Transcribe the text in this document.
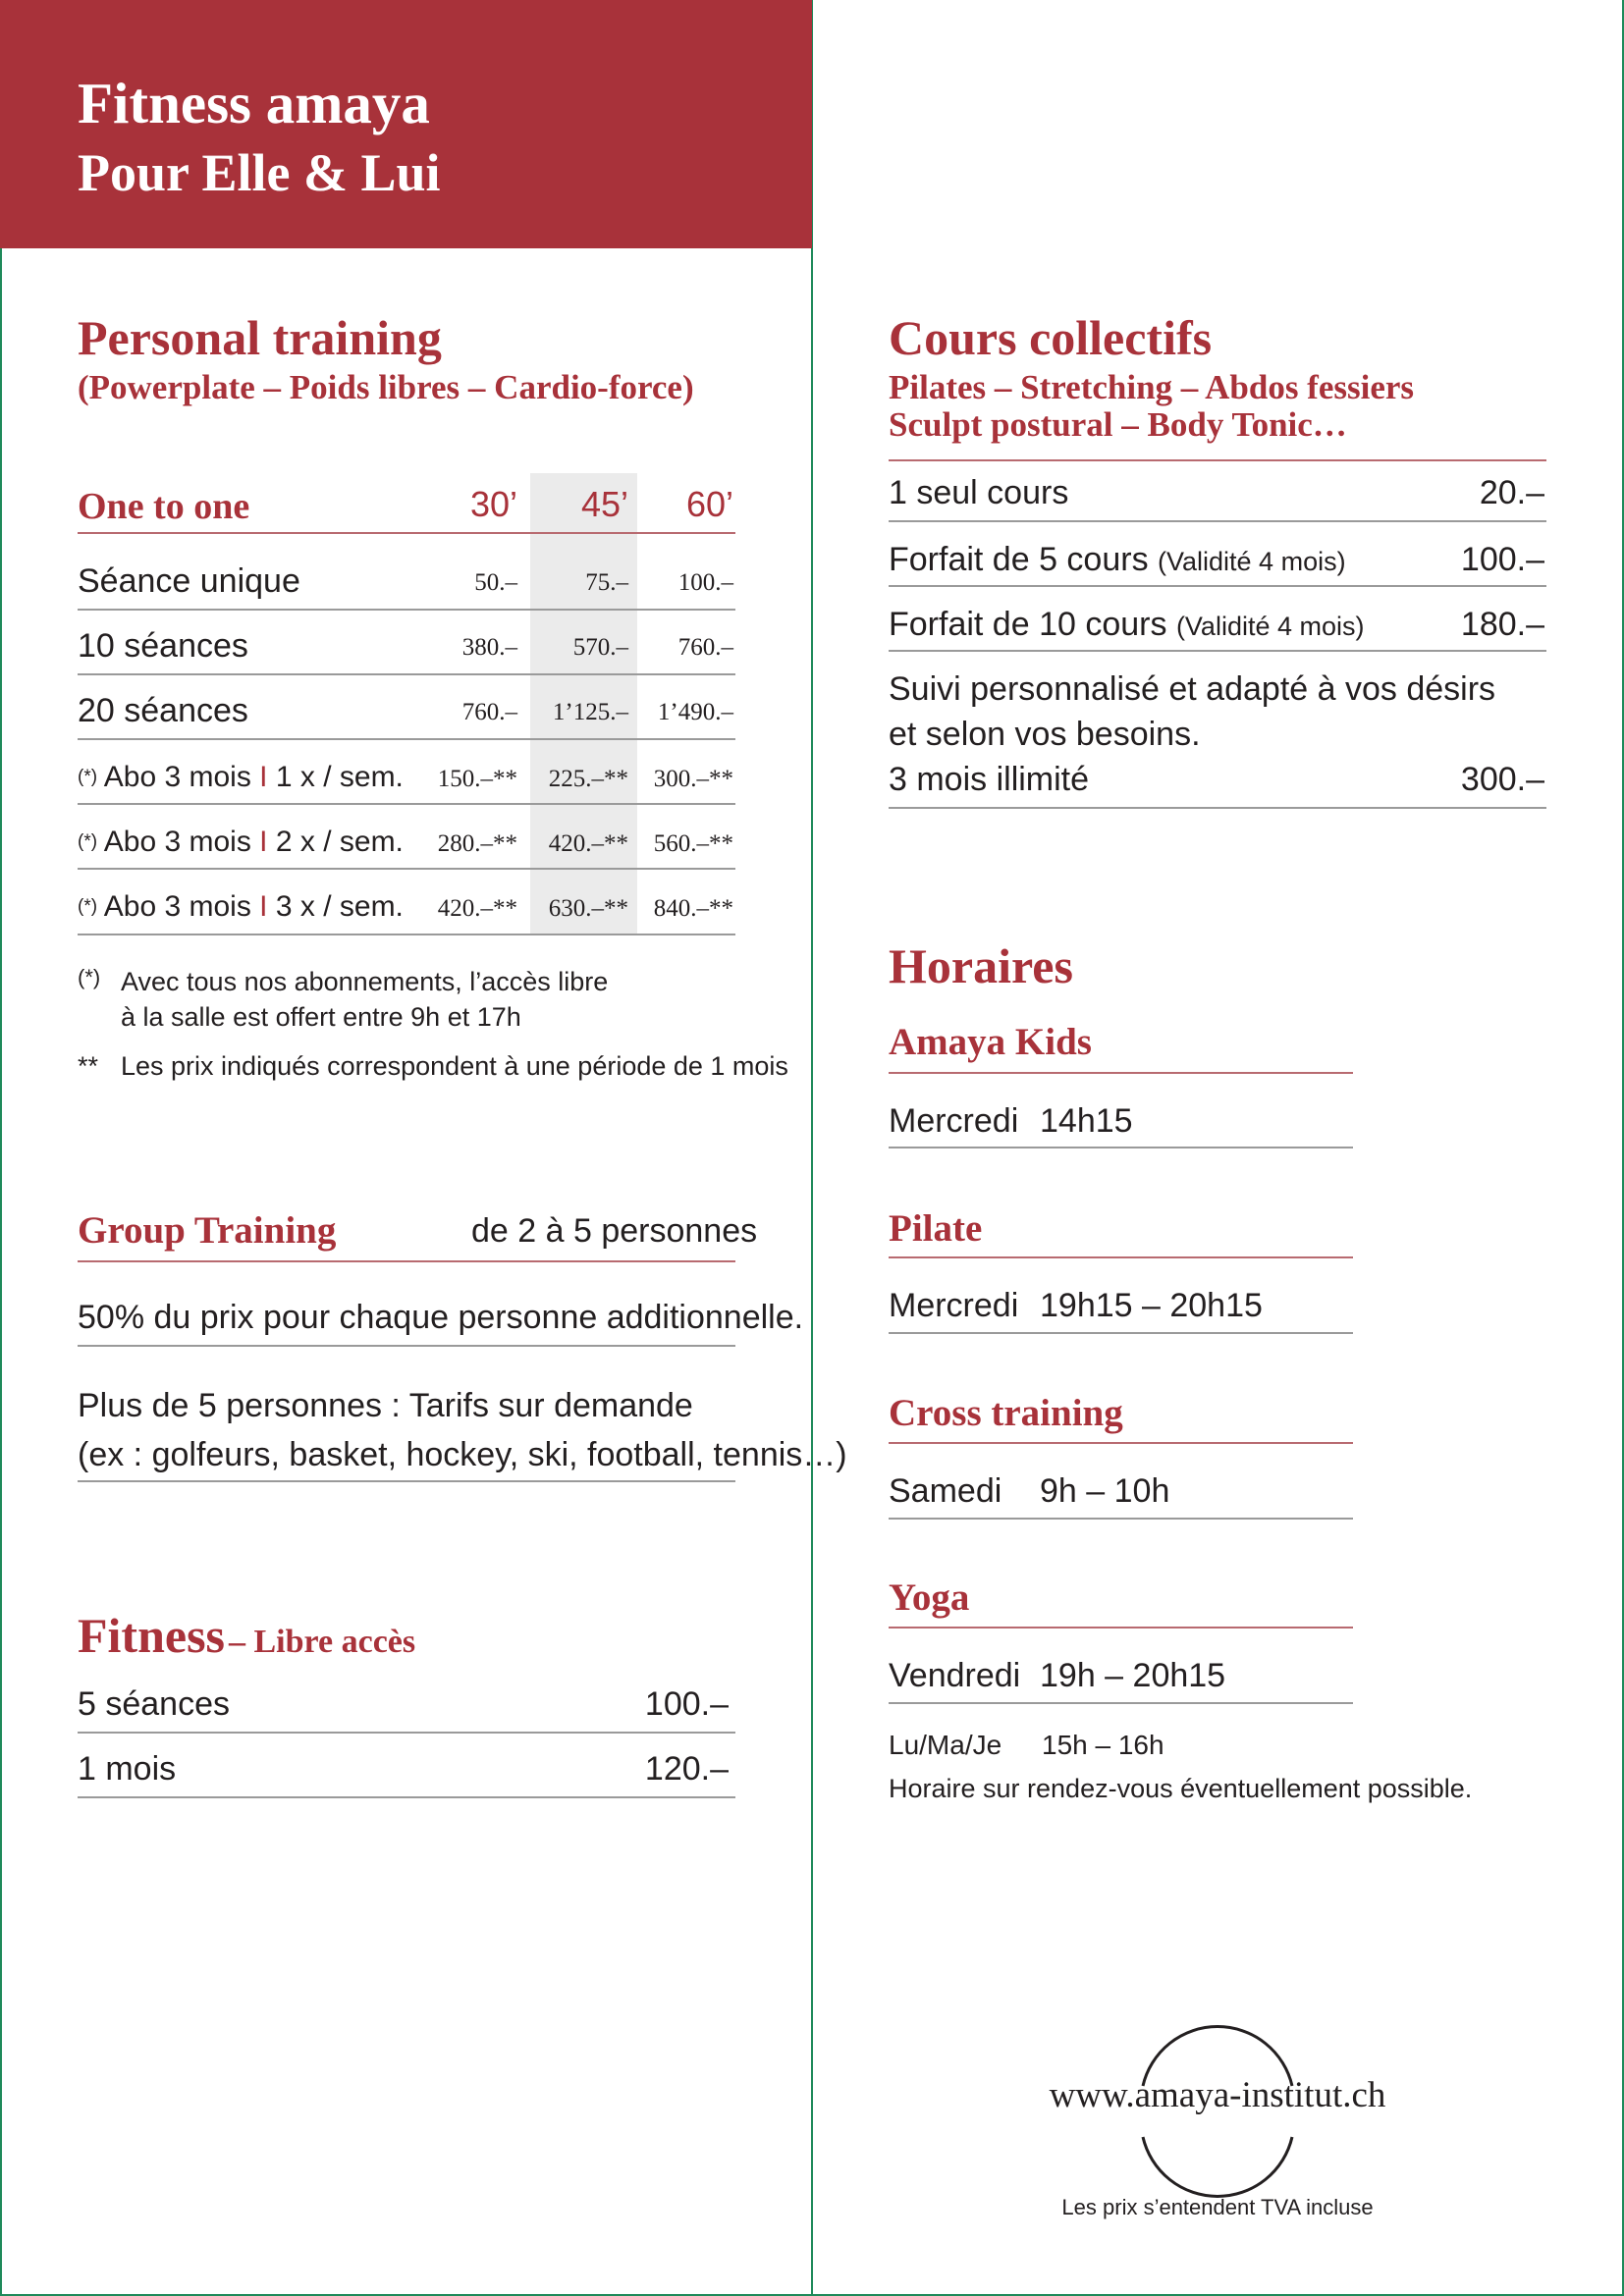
Fitness amaya
Pour Elle & Lui
Personal training
(Powerplate – Poids libres – Cardio-force)
One to one	30’	45’	60’
Séance unique	50.–	75.–	100.–
10 séances	380.–	570.–	760.–
20 séances	760.–	1’125.–	1’490.–
(*) Abo 3 mois I 1 x / sem.	150.–**	225.–**	300.–**
(*) Abo 3 mois I 2 x / sem.	280.–**	420.–**	560.–**
(*) Abo 3 mois I 3 x / sem.	420.–**	630.–**	840.–**
(*) Avec tous nos abonnements, l’accès libre
à la salle est offert entre 9h et 17h
** Les prix indiqués correspondent à une période de 1 mois
Group Training	de 2 à 5 personnes
50% du prix pour chaque personne additionnelle.
Plus de 5 personnes : Tarifs sur demande
(ex : golfeurs, basket, hockey, ski, football, tennis…)
Fitness – Libre accès
5 séances	100.–
1 mois	120.–
Cours collectifs
Pilates – Stretching – Abdos fessiers
Sculpt postural – Body Tonic…
1 seul cours	20.–
Forfait de 5 cours (Validité 4 mois)	100.–
Forfait de 10 cours (Validité 4 mois)	180.–
Suivi personnalisé et adapté à vos désirs
et selon vos besoins.
3 mois illimité	300.–
Horaires
Amaya Kids
Mercredi 14h15
Pilate
Mercredi 19h15 – 20h15
Cross training
Samedi 9h – 10h
Yoga
Vendredi 19h – 20h15
Lu/Ma/Je 15h – 16h
Horaire sur rendez-vous éventuellement possible.
www.amaya-institut.ch
Les prix s’entendent TVA incluse
